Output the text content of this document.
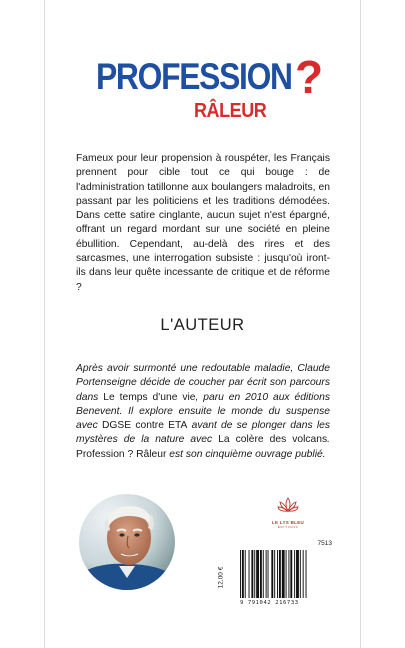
PROFESSION ?
RÂLEUR

Fameux pour leur propension à rouspéter, les Français prennent pour cible tout ce qui bouge : de l'administration tatillonne aux boulangers maladroits, en passant par les politiciens et les traditions démodées. Dans cette satire cinglante, aucun sujet n'est épargné, offrant un regard mordant sur une société en pleine ébullition. Cependant, au-delà des rires et des sarcasmes, une interrogation subsiste : jusqu'où iront-ils dans leur quête incessante de critique et de réforme ?

L'AUTEUR

Après avoir surmonté une redoutable maladie, Claude Portenseigne décide de coucher par écrit son parcours dans Le temps d'une vie, paru en 2010 aux éditions Benevent. Il explore ensuite le monde du suspense avec DGSE contre ETA avant de se plonger dans les mystères de la nature avec La colère des volcans. Profession ? Râleur est son cinquième ouvrage publié.

LE LYS BLEU
ÉDITIONS
7513
12,00 €
9 791042 216733
